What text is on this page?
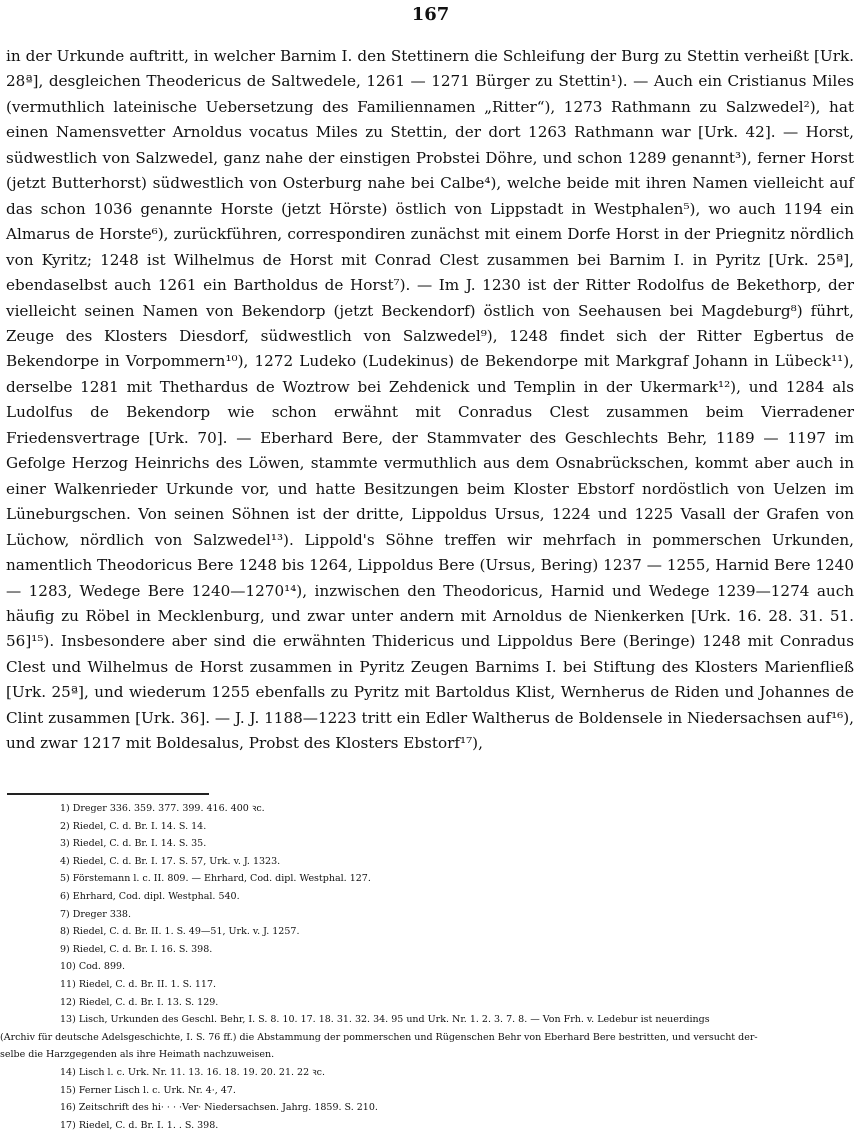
167

in der Urkunde auftritt, in welcher Barnim I. den Stettinern die Schleifung der Burg zu Stettin verheißt [Urk. 28ª], desgleichen Theodericus de Saltwedele, 1261 — 1271 Bürger zu Stettin¹). — Auch ein Cristianus Miles (vermuthlich lateinische Uebersetzung des Familiennamen „Ritter“), 1273 Rathmann zu Salzwedel²), hat einen Namensvetter Arnoldus vocatus Miles zu Stettin, der dort 1263 Rathmann war [Urk. 42]. — Horst, südwestlich von Salzwedel, ganz nahe der einstigen Probstei Döhre, und schon 1289 genannt³), ferner Horst (jetzt Butterhorst) südwestlich von Osterburg nahe bei Calbe⁴), welche beide mit ihren Namen vielleicht auf das schon 1036 genannte Horste (jetzt Hörste) östlich von Lippstadt in Westphalen⁵), wo auch 1194 ein Almarus de Horste⁶), zurückführen, correspondiren zunächst mit einem Dorfe Horst in der Priegnitz nördlich von Kyritz; 1248 ist Wilhelmus de Horst mit Conrad Clest zusammen bei Barnim I. in Pyritz [Urk. 25ª], ebendaselbst auch 1261 ein Bartholdus de Horst⁷). — Im J. 1230 ist der Ritter Rodolfus de Bekethorp, der vielleicht seinen Namen von Bekendorp (jetzt Beckendorf) östlich von Seehausen bei Magdeburg⁸) führt, Zeuge des Klosters Diesdorf, südwestlich von Salzwedel⁹), 1248 findet sich der Ritter Egbertus de Bekendorpe in Vorpommern¹⁰), 1272 Ludeko (Ludekinus) de Bekendorpe mit Markgraf Johann in Lübeck¹¹), derselbe 1281 mit Thethardus de Woztrow bei Zehdenick und Templin in der Ukermark¹²), und 1284 als Ludolfus de Bekendorp wie schon erwähnt mit Conradus Clest zusammen beim Vierradener Friedensvertrage [Urk. 70]. — Eberhard Bere, der Stammvater des Geschlechts Behr, 1189 — 1197 im Gefolge Herzog Heinrichs des Löwen, stammte vermuthlich aus dem Osnabrückschen, kommt aber auch in einer Walkenrieder Urkunde vor, und hatte Besitzungen beim Kloster Ebstorf nordöstlich von Uelzen im Lüneburgschen. Von seinen Söhnen ist der dritte, Lippoldus Ursus, 1224 und 1225 Vasall der Grafen von Lüchow, nördlich von Salzwedel¹³). Lippold's Söhne treffen wir mehrfach in pommerschen Urkunden, namentlich Theodoricus Bere 1248 bis 1264, Lippoldus Bere (Ursus, Bering) 1237 — 1255, Harnid Bere 1240 — 1283, Wedege Bere 1240—1270¹⁴), inzwischen den Theodoricus, Harnid und Wedege 1239—1274 auch häufig zu Röbel in Mecklenburg, und zwar unter andern mit Arnoldus de Nienkerken [Urk. 16. 28. 31. 51. 56]¹⁵). Insbesondere aber sind die erwähnten Thidericus und Lippoldus Bere (Beringe) 1248 mit Conradus Clest und Wilhelmus de Horst zusammen in Pyritz Zeugen Barnims I. bei Stiftung des Klosters Marienfließ [Urk. 25ª], und wiederum 1255 ebenfalls zu Pyritz mit Bartoldus Klist, Wernherus de Riden und Johannes de Clint zusammen [Urk. 36]. — J. J. 1188—1223 tritt ein Edler Waltherus de Boldensele in Niedersachsen auf¹⁶), und zwar 1217 mit Boldesalus, Probst des Klosters Ebstorf¹⁷),

1) Dreger 336. 359. 377. 399. 416. 400 ꝛc.
2) Riedel, C. d. Br. I. 14. S. 14.
3) Riedel, C. d. Br. I. 14. S. 35.
4) Riedel, C. d. Br. I. 17. S. 57, Urk. v. J. 1323.
5) Förstemann l. c. II. 809. — Ehrhard, Cod. dipl. Westphal. 127.
6) Ehrhard, Cod. dipl. Westphal. 540.
7) Dreger 338.
8) Riedel, C. d. Br. II. 1. S. 49—51, Urk. v. J. 1257.
9) Riedel, C. d. Br. I. 16. S. 398.
10) Cod. 899.
11) Riedel, C. d. Br. II. 1. S. 117.
12) Riedel, C. d. Br. I. 13. S. 129.
13) Lisch, Urkunden des Geschl. Behr, I. S. 8. 10. 17. 18. 31. 32. 34. 95 und Urk. Nr. 1. 2. 3. 7. 8. — Von Frh. v. Ledebur ist neuerdings
(Archiv für deutsche Adelsgeschichte, I. S. 76 ff.) die Abstammung der pommerschen und Rügenschen Behr von Eberhard Bere bestritten, und versucht der-
selbe die Harzgegenden als ihre Heimath nachzuweisen.
14) Lisch l. c. Urk. Nr. 11. 13. 16. 18. 19. 20. 21. 22 ꝛc.
15) Ferner Lisch l. c. Urk. Nr. 4·, 47.
16) Zeitschrift des hi· · · ·Ver· Niedersachsen. Jahrg. 1859. S. 210.
17) Riedel, C. d. Br. I. 1. . S. 398.
